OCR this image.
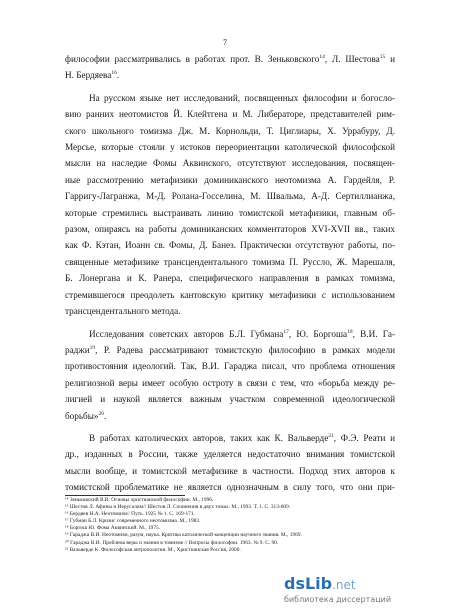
7
философии рассматривались в работах прот. В. Зеньковского$^{14}$, Л. Шестова$^{15}$ и
Н. Бердяева$^{16}$.
На русском языке нет исследований, посвященных философии и богосло-
вию ранних неотомистов Й. Клейтгена и М. Либераторе, представителей рим-
ского школьного томизма Дж. М. Корнольди, Т. Циглиары, Х. Уррабуру, Д.
Мерсье, которые стояли у истоков переориентации католической философской
мысли на наследие Фомы Аквинского, отсутствуют исследования, посвящен-
ные рассмотрению метафизики доминиканского неотомизма А. Гардейля, Р.
Гарригу-Лагранжа, М-Д. Ролана-Госселина, М. Швальма, А-Д. Сертиллианжа,
которые стремились выстраивать линию томистской метафизики, главным об-
разом, опираясь на работы доминиканских комментаторов XVI-XVII вв., таких
как Ф. Кэтан, Иоанн св. Фомы, Д. Банез. Практически отсутствуют работы, по-
священные метафизике трансцендентального томизма П. Руссло, Ж. Марешаля,
Б. Лонергана и К. Ранера, специфического направления в рамках томизма,
стремившегося преодолеть кантовскую критику метафизики с использованием
трансцендентального метода.
Исследования советских авторов Б.Л. Губмана$^{17}$, Ю. Боргоша$^{18}$, В.И. Га-
раджи$^{19}$, Р. Радева рассматривают томистскую философию в рамках модели
противостояния идеологий. Так, В.И. Гараджа писал, что проблема отношения
религиозной веры имеет особую остроту в связи с тем, что «борьба между ре-
лигией и наукой является важным участком современной идеологической
борьбы»$^{20}$.
В работах католических авторов, таких как К. Вальверде$^{21}$, Ф.Э. Реати и
др., изданных в России, также уделяется недостаточно внимания томистской
мысли вообще, и томистской метафизике в частности. Подход этих авторов к
томистской проблематике не является однозначным в силу того, что они при-
¹⁴ Зеньковский В.В. Основы христианской философии. М., 1996.
¹⁵ Шестов Л. Афины и Иерусалим// Шестов Л. Сочинения в двух томах. М., 1993. Т. 1. С. 313-609.
¹⁶ Бердяев Н.А. Неотомизм// Путь. 1925 № 1. С. 169-171.
¹⁷ Губман Б.Л. Кризис современного неотомизма. М., 1983.
¹⁸ Боргош Ю. Фома Аквинский. М., 1975.
¹⁹ Гараджа В.И. Неотомизм, разум, наука. Критика католической концепции научного знания. М., 1969.
²⁰ Гараджа В.И. Проблема веры и знания в томизме // Вопросы философии. 1963. № 9. С. 90.
²¹ Вальверде К. Философская антропология. М., Христианская Россия, 2000.
dsLib.net
библиотека диссертаций
